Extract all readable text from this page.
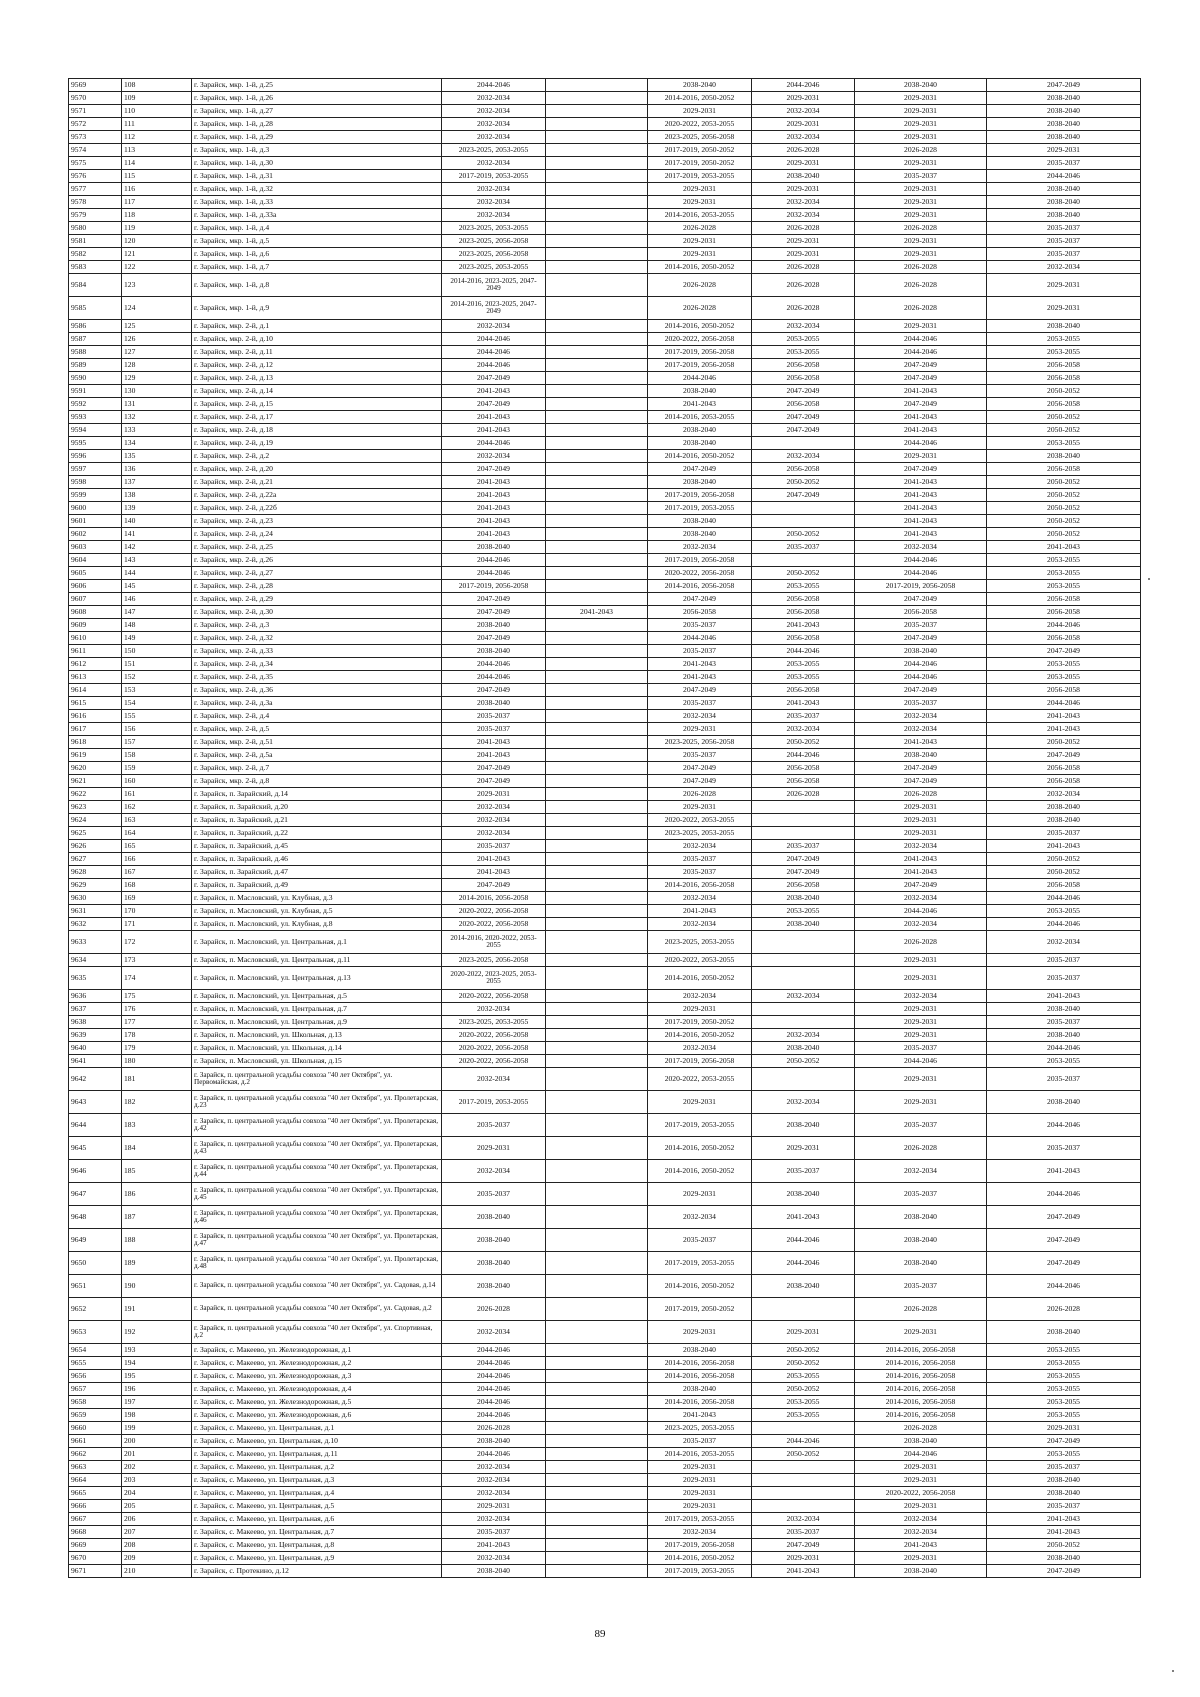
9569	108	г. Зарайск, мкр. 1-й, д.25	2044-2046		2038-2040	2044-2046	2038-2040	2047-2049
9570	109	г. Зарайск, мкр. 1-й, д.26	2032-2034		2014-2016, 2050-2052	2029-2031	2029-2031	2038-2040
9571	110	г. Зарайск, мкр. 1-й, д.27	2032-2034		2029-2031	2032-2034	2029-2031	2038-2040
9572	111	г. Зарайск, мкр. 1-й, д.28	2032-2034		2020-2022, 2053-2055	2029-2031	2029-2031	2038-2040
9573	112	г. Зарайск, мкр. 1-й, д.29	2032-2034		2023-2025, 2056-2058	2032-2034	2029-2031	2038-2040
9574	113	г. Зарайск, мкр. 1-й, д.3	2023-2025, 2053-2055		2017-2019, 2050-2052	2026-2028	2026-2028	2029-2031
9575	114	г. Зарайск, мкр. 1-й, д.30	2032-2034		2017-2019, 2050-2052	2029-2031	2029-2031	2035-2037
9576	115	г. Зарайск, мкр. 1-й, д.31	2017-2019, 2053-2055		2017-2019, 2053-2055	2038-2040	2035-2037	2044-2046
9577	116	г. Зарайск, мкр. 1-й, д.32	2032-2034		2029-2031	2029-2031	2029-2031	2038-2040
9578	117	г. Зарайск, мкр. 1-й, д.33	2032-2034		2029-2031	2032-2034	2029-2031	2038-2040
9579	118	г. Зарайск, мкр. 1-й, д.33а	2032-2034		2014-2016, 2053-2055	2032-2034	2029-2031	2038-2040
9580	119	г. Зарайск, мкр. 1-й, д.4	2023-2025, 2053-2055		2026-2028	2026-2028	2026-2028	2035-2037
9581	120	г. Зарайск, мкр. 1-й, д.5	2023-2025, 2056-2058		2029-2031	2029-2031	2029-2031	2035-2037
9582	121	г. Зарайск, мкр. 1-й, д.6	2023-2025, 2056-2058		2029-2031	2029-2031	2029-2031	2035-2037
9583	122	г. Зарайск, мкр. 1-й, д.7	2023-2025, 2053-2055		2014-2016, 2050-2052	2026-2028	2026-2028	2032-2034
9584	123	г. Зарайск, мкр. 1-й, д.8	2014-2016, 2023-2025, 2047-2049		2026-2028	2026-2028	2026-2028	2029-2031
9585	124	г. Зарайск, мкр. 1-й, д.9	2014-2016, 2023-2025, 2047-2049		2026-2028	2026-2028	2026-2028	2029-2031
9586	125	г. Зарайск, мкр. 2-й, д.1	2032-2034		2014-2016, 2050-2052	2032-2034	2029-2031	2038-2040
9587	126	г. Зарайск, мкр. 2-й, д.10	2044-2046		2020-2022, 2056-2058	2053-2055	2044-2046	2053-2055
9588	127	г. Зарайск, мкр. 2-й, д.11	2044-2046		2017-2019, 2056-2058	2053-2055	2044-2046	2053-2055
9589	128	г. Зарайск, мкр. 2-й, д.12	2044-2046		2017-2019, 2056-2058	2056-2058	2047-2049	2056-2058
9590	129	г. Зарайск, мкр. 2-й, д.13	2047-2049		2044-2046	2056-2058	2047-2049	2056-2058
9591	130	г. Зарайск, мкр. 2-й, д.14	2041-2043		2038-2040	2047-2049	2041-2043	2050-2052
9592	131	г. Зарайск, мкр. 2-й, д.15	2047-2049		2041-2043	2056-2058	2047-2049	2056-2058
9593	132	г. Зарайск, мкр. 2-й, д.17	2041-2043		2014-2016, 2053-2055	2047-2049	2041-2043	2050-2052
9594	133	г. Зарайск, мкр. 2-й, д.18	2041-2043		2038-2040	2047-2049	2041-2043	2050-2052
9595	134	г. Зарайск, мкр. 2-й, д.19	2044-2046		2038-2040		2044-2046	2053-2055
9596	135	г. Зарайск, мкр. 2-й, д.2	2032-2034		2014-2016, 2050-2052	2032-2034	2029-2031	2038-2040
9597	136	г. Зарайск, мкр. 2-й, д.20	2047-2049		2047-2049	2056-2058	2047-2049	2056-2058
9598	137	г. Зарайск, мкр. 2-й, д.21	2041-2043		2038-2040	2050-2052	2041-2043	2050-2052
9599	138	г. Зарайск, мкр. 2-й, д.22а	2041-2043		2017-2019, 2056-2058	2047-2049	2041-2043	2050-2052
9600	139	г. Зарайск, мкр. 2-й, д.22б	2041-2043		2017-2019, 2053-2055		2041-2043	2050-2052
9601	140	г. Зарайск, мкр. 2-й, д.23	2041-2043		2038-2040		2041-2043	2050-2052
9602	141	г. Зарайск, мкр. 2-й, д.24	2041-2043		2038-2040	2050-2052	2041-2043	2050-2052
9603	142	г. Зарайск, мкр. 2-й, д.25	2038-2040		2032-2034	2035-2037	2032-2034	2041-2043
9604	143	г. Зарайск, мкр. 2-й, д.26	2044-2046		2017-2019, 2056-2058		2044-2046	2053-2055
9605	144	г. Зарайск, мкр. 2-й, д.27	2044-2046		2020-2022, 2056-2058	2050-2052	2044-2046	2053-2055
9606	145	г. Зарайск, мкр. 2-й, д.28	2017-2019, 2056-2058		2014-2016, 2056-2058	2053-2055	2017-2019, 2056-2058	2053-2055
9607	146	г. Зарайск, мкр. 2-й, д.29	2047-2049		2047-2049	2056-2058	2047-2049	2056-2058
9608	147	г. Зарайск, мкр. 2-й, д.30	2047-2049	2041-2043	2056-2058	2056-2058	2056-2058	2056-2058
9609	148	г. Зарайск, мкр. 2-й, д.3	2038-2040		2035-2037	2041-2043	2035-2037	2044-2046
9610	149	г. Зарайск, мкр. 2-й, д.32	2047-2049		2044-2046	2056-2058	2047-2049	2056-2058
9611	150	г. Зарайск, мкр. 2-й, д.33	2038-2040		2035-2037	2044-2046	2038-2040	2047-2049
9612	151	г. Зарайск, мкр. 2-й, д.34	2044-2046		2041-2043	2053-2055	2044-2046	2053-2055
9613	152	г. Зарайск, мкр. 2-й, д.35	2044-2046		2041-2043	2053-2055	2044-2046	2053-2055
9614	153	г. Зарайск, мкр. 2-й, д.36	2047-2049		2047-2049	2056-2058	2047-2049	2056-2058
9615	154	г. Зарайск, мкр. 2-й, д.3а	2038-2040		2035-2037	2041-2043	2035-2037	2044-2046
9616	155	г. Зарайск, мкр. 2-й, д.4	2035-2037		2032-2034	2035-2037	2032-2034	2041-2043
9617	156	г. Зарайск, мкр. 2-й, д.5	2035-2037		2029-2031	2032-2034	2032-2034	2041-2043
9618	157	г. Зарайск, мкр. 2-й, д.51	2041-2043		2023-2025, 2056-2058	2050-2052	2041-2043	2050-2052
9619	158	г. Зарайск, мкр. 2-й, д.5а	2041-2043		2035-2037	2044-2046	2038-2040	2047-2049
9620	159	г. Зарайск, мкр. 2-й, д.7	2047-2049		2047-2049	2056-2058	2047-2049	2056-2058
9621	160	г. Зарайск, мкр. 2-й, д.8	2047-2049		2047-2049	2056-2058	2047-2049	2056-2058
9622	161	г. Зарайск, п. Зарайский, д.14	2029-2031		2026-2028	2026-2028	2026-2028	2032-2034
9623	162	г. Зарайск, п. Зарайский, д.20	2032-2034		2029-2031		2029-2031	2038-2040
9624	163	г. Зарайск, п. Зарайский, д.21	2032-2034		2020-2022, 2053-2055		2029-2031	2038-2040
9625	164	г. Зарайск, п. Зарайский, д.22	2032-2034		2023-2025, 2053-2055		2029-2031	2035-2037
9626	165	г. Зарайск, п. Зарайский, д.45	2035-2037		2032-2034	2035-2037	2032-2034	2041-2043
9627	166	г. Зарайск, п. Зарайский, д.46	2041-2043		2035-2037	2047-2049	2041-2043	2050-2052
9628	167	г. Зарайск, п. Зарайский, д.47	2041-2043		2035-2037	2047-2049	2041-2043	2050-2052
9629	168	г. Зарайск, п. Зарайский, д.49	2047-2049		2014-2016, 2056-2058	2056-2058	2047-2049	2056-2058
9630	169	г. Зарайск, п. Масловский, ул. Клубная, д.3	2014-2016, 2056-2058		2032-2034	2038-2040	2032-2034	2044-2046
9631	170	г. Зарайск, п. Масловский, ул. Клубная, д.5	2020-2022, 2056-2058		2041-2043	2053-2055	2044-2046	2053-2055
9632	171	г. Зарайск, п. Масловский, ул. Клубная, д.8	2020-2022, 2056-2058		2032-2034	2038-2040	2032-2034	2044-2046
9633	172	г. Зарайск, п. Масловский, ул. Центральная, д.1	2014-2016, 2020-2022, 2053-2055		2023-2025, 2053-2055		2026-2028	2032-2034
9634	173	г. Зарайск, п. Масловский, ул. Центральная, д.11	2023-2025, 2056-2058		2020-2022, 2053-2055		2029-2031	2035-2037
9635	174	г. Зарайск, п. Масловский, ул. Центральная, д.13	2020-2022, 2023-2025, 2053-2055		2014-2016, 2050-2052		2029-2031	2035-2037
9636	175	г. Зарайск, п. Масловский, ул. Центральная, д.5	2020-2022, 2056-2058		2032-2034	2032-2034	2032-2034	2041-2043
9637	176	г. Зарайск, п. Масловский, ул. Центральная, д.7	2032-2034		2029-2031		2029-2031	2038-2040
9638	177	г. Зарайск, п. Масловский, ул. Центральная, д.9	2023-2025, 2053-2055		2017-2019, 2050-2052		2029-2031	2035-2037
9639	178	г. Зарайск, п. Масловский, ул. Школьная, д.13	2020-2022, 2056-2058		2014-2016, 2050-2052	2032-2034	2029-2031	2038-2040
9640	179	г. Зарайск, п. Масловский, ул. Школьная, д.14	2020-2022, 2056-2058		2032-2034	2038-2040	2035-2037	2044-2046
9641	180	г. Зарайск, п. Масловский, ул. Школьная, д.15	2020-2022, 2056-2058		2017-2019, 2056-2058	2050-2052	2044-2046	2053-2055
9642	181	г. Зарайск, п. центральной усадьбы совхоза "40 лет Октября", ул. Первомайская, д.2	2032-2034		2020-2022, 2053-2055		2029-2031	2035-2037
9643	182	г. Зарайск, п. центральной усадьбы совхоза "40 лет Октября", ул. Пролетарская, д.23	2017-2019, 2053-2055		2029-2031	2032-2034	2029-2031	2038-2040
9644	183	г. Зарайск, п. центральной усадьбы совхоза "40 лет Октября", ул. Пролетарская, д.42	2035-2037		2017-2019, 2053-2055	2038-2040	2035-2037	2044-2046
9645	184	г. Зарайск, п. центральной усадьбы совхоза "40 лет Октября", ул. Пролетарская, д.43	2029-2031		2014-2016, 2050-2052	2029-2031	2026-2028	2035-2037
9646	185	г. Зарайск, п. центральной усадьбы совхоза "40 лет Октября", ул. Пролетарская, д.44	2032-2034		2014-2016, 2050-2052	2035-2037	2032-2034	2041-2043
9647	186	г. Зарайск, п. центральной усадьбы совхоза "40 лет Октября", ул. Пролетарская, д.45	2035-2037		2029-2031	2038-2040	2035-2037	2044-2046
9648	187	г. Зарайск, п. центральной усадьбы совхоза "40 лет Октября", ул. Пролетарская, д.46	2038-2040		2032-2034	2041-2043	2038-2040	2047-2049
9649	188	г. Зарайск, п. центральной усадьбы совхоза "40 лет Октября", ул. Пролетарская, д.47	2038-2040		2035-2037	2044-2046	2038-2040	2047-2049
9650	189	г. Зарайск, п. центральной усадьбы совхоза "40 лет Октября", ул. Пролетарская, д.48	2038-2040		2017-2019, 2053-2055	2044-2046	2038-2040	2047-2049
9651	190	г. Зарайск, п. центральной усадьбы совхоза "40 лет Октября", ул. Садовая, д.14	2038-2040		2014-2016, 2050-2052	2038-2040	2035-2037	2044-2046
9652	191	г. Зарайск, п. центральной усадьбы совхоза "40 лет Октября", ул. Садовая, д.2	2026-2028		2017-2019, 2050-2052		2026-2028	2026-2028
9653	192	г. Зарайск, п. центральной усадьбы совхоза "40 лет Октября", ул. Спортивная, д.2	2032-2034		2029-2031	2029-2031	2029-2031	2038-2040
9654	193	г. Зарайск, с. Макеево, ул. Железнодорожная, д.1	2044-2046		2038-2040	2050-2052	2014-2016, 2056-2058	2053-2055
9655	194	г. Зарайск, с. Макеево, ул. Железнодорожная, д.2	2044-2046		2014-2016, 2056-2058	2050-2052	2014-2016, 2056-2058	2053-2055
9656	195	г. Зарайск, с. Макеево, ул. Железнодорожная, д.3	2044-2046		2014-2016, 2056-2058	2053-2055	2014-2016, 2056-2058	2053-2055
9657	196	г. Зарайск, с. Макеево, ул. Железнодорожная, д.4	2044-2046		2038-2040	2050-2052	2014-2016, 2056-2058	2053-2055
9658	197	г. Зарайск, с. Макеево, ул. Железнодорожная, д.5	2044-2046		2014-2016, 2056-2058	2053-2055	2014-2016, 2056-2058	2053-2055
9659	198	г. Зарайск, с. Макеево, ул. Железнодорожная, д.6	2044-2046		2041-2043	2053-2055	2014-2016, 2056-2058	2053-2055
9660	199	г. Зарайск, с. Макеево, ул. Центральная, д.1	2026-2028		2023-2025, 2053-2055		2026-2028	2029-2031
9661	200	г. Зарайск, с. Макеево, ул. Центральная, д.10	2038-2040		2035-2037	2044-2046	2038-2040	2047-2049
9662	201	г. Зарайск, с. Макеево, ул. Центральная, д.11	2044-2046		2014-2016, 2053-2055	2050-2052	2044-2046	2053-2055
9663	202	г. Зарайск, с. Макеево, ул. Центральная, д.2	2032-2034		2029-2031		2029-2031	2035-2037
9664	203	г. Зарайск, с. Макеево, ул. Центральная, д.3	2032-2034		2029-2031		2029-2031	2038-2040
9665	204	г. Зарайск, с. Макеево, ул. Центральная, д.4	2032-2034		2029-2031		2020-2022, 2056-2058	2038-2040
9666	205	г. Зарайск, с. Макеево, ул. Центральная, д.5	2029-2031		2029-2031		2029-2031	2035-2037
9667	206	г. Зарайск, с. Макеево, ул. Центральная, д.6	2032-2034		2017-2019, 2053-2055	2032-2034	2032-2034	2041-2043
9668	207	г. Зарайск, с. Макеево, ул. Центральная, д.7	2035-2037		2032-2034	2035-2037	2032-2034	2041-2043
9669	208	г. Зарайск, с. Макеево, ул. Центральная, д.8	2041-2043		2017-2019, 2056-2058	2047-2049	2041-2043	2050-2052
9670	209	г. Зарайск, с. Макеево, ул. Центральная, д.9	2032-2034		2014-2016, 2050-2052	2029-2031	2029-2031	2038-2040
9671	210	г. Зарайск, с. Протекино, д.12	2038-2040		2017-2019, 2053-2055	2041-2043	2038-2040	2047-2049
89
